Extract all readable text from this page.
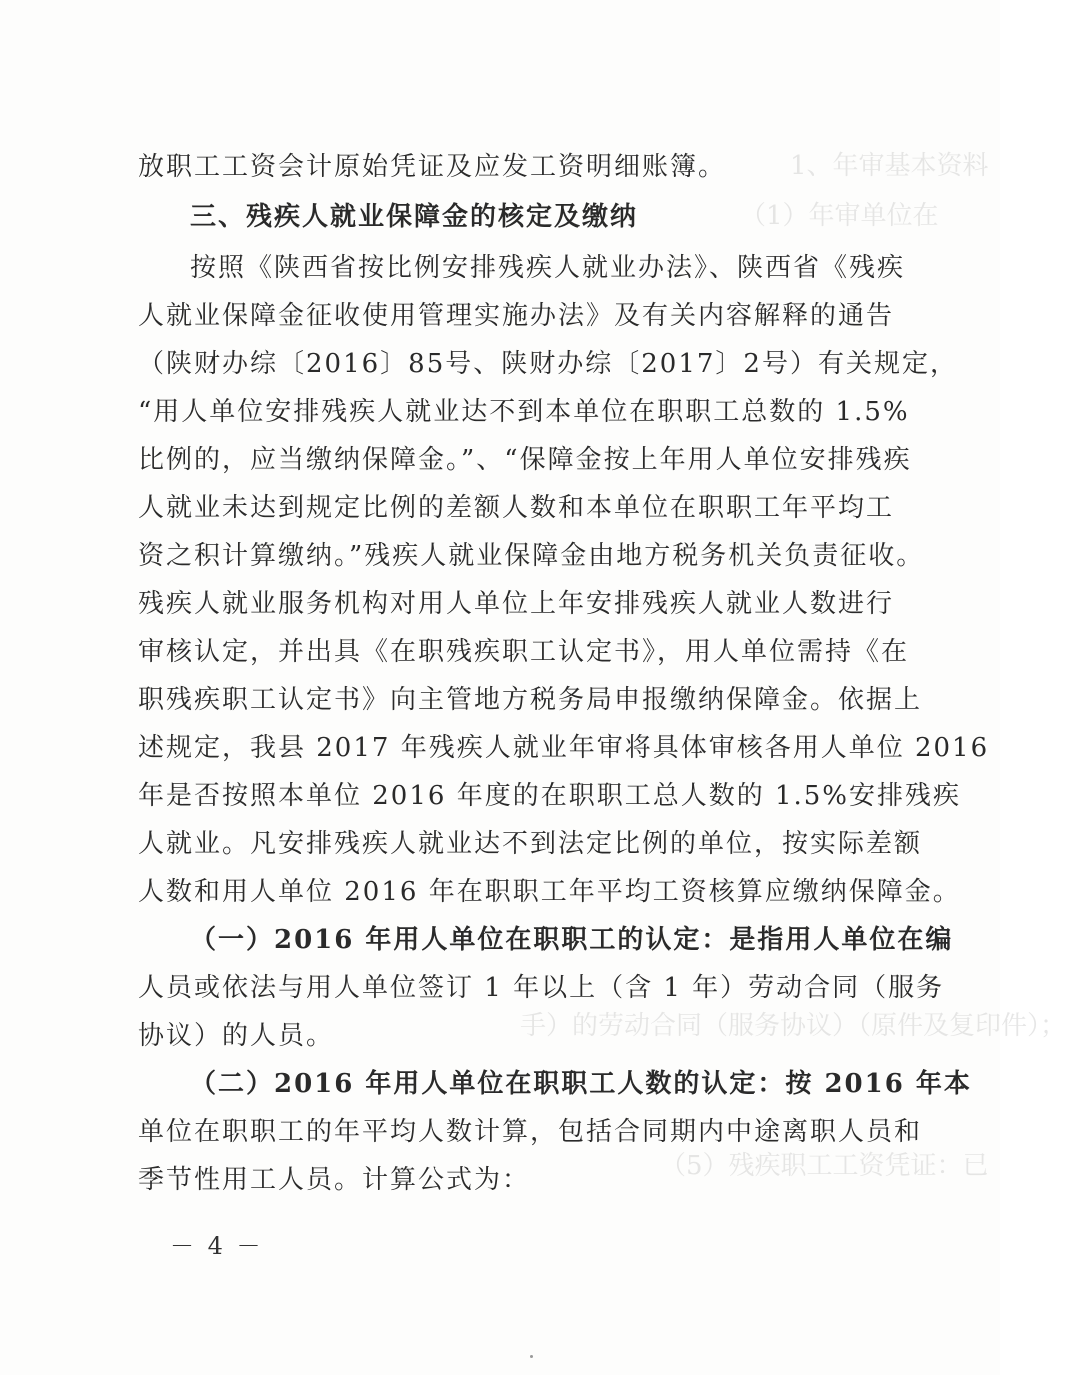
1、年审基本资料
（1）年审单位在
手）的劳动合同（服务协议）（原件及复印件）；
（5）残疾职工工资凭证：已
放职工工资会计原始凭证及应发工资明细账簿。
三、残疾人就业保障金的核定及缴纳
按照《陕西省按比例安排残疾人就业办法》、陕西省《残疾
人就业保障金征收使用管理实施办法》及有关内容解释的通告
（陕财办综〔2016〕85号、陕财办综〔2017〕2号）有关规定，
“用人单位安排残疾人就业达不到本单位在职职工总数的 1.5%
比例的，应当缴纳保障金。”、“保障金按上年用人单位安排残疾
人就业未达到规定比例的差额人数和本单位在职职工年平均工
资之积计算缴纳。”残疾人就业保障金由地方税务机关负责征收。
残疾人就业服务机构对用人单位上年安排残疾人就业人数进行
审核认定，并出具《在职残疾职工认定书》，用人单位需持《在
职残疾职工认定书》向主管地方税务局申报缴纳保障金。依据上
述规定，我县 2017 年残疾人就业年审将具体审核各用人单位 2016
年是否按照本单位 2016 年度的在职职工总人数的 1.5%安排残疾
人就业。凡安排残疾人就业达不到法定比例的单位，按实际差额
人数和用人单位 2016 年在职职工年平均工资核算应缴纳保障金。
（一）2016 年用人单位在职职工的认定：是指用人单位在编
人员或依法与用人单位签订 1 年以上（含 1 年）劳动合同（服务
协议）的人员。
（二）2016 年用人单位在职职工人数的认定：按 2016 年本
单位在职职工的年平均人数计算，包括合同期内中途离职人员和
季节性用工人员。计算公式为：
－ 4 －
